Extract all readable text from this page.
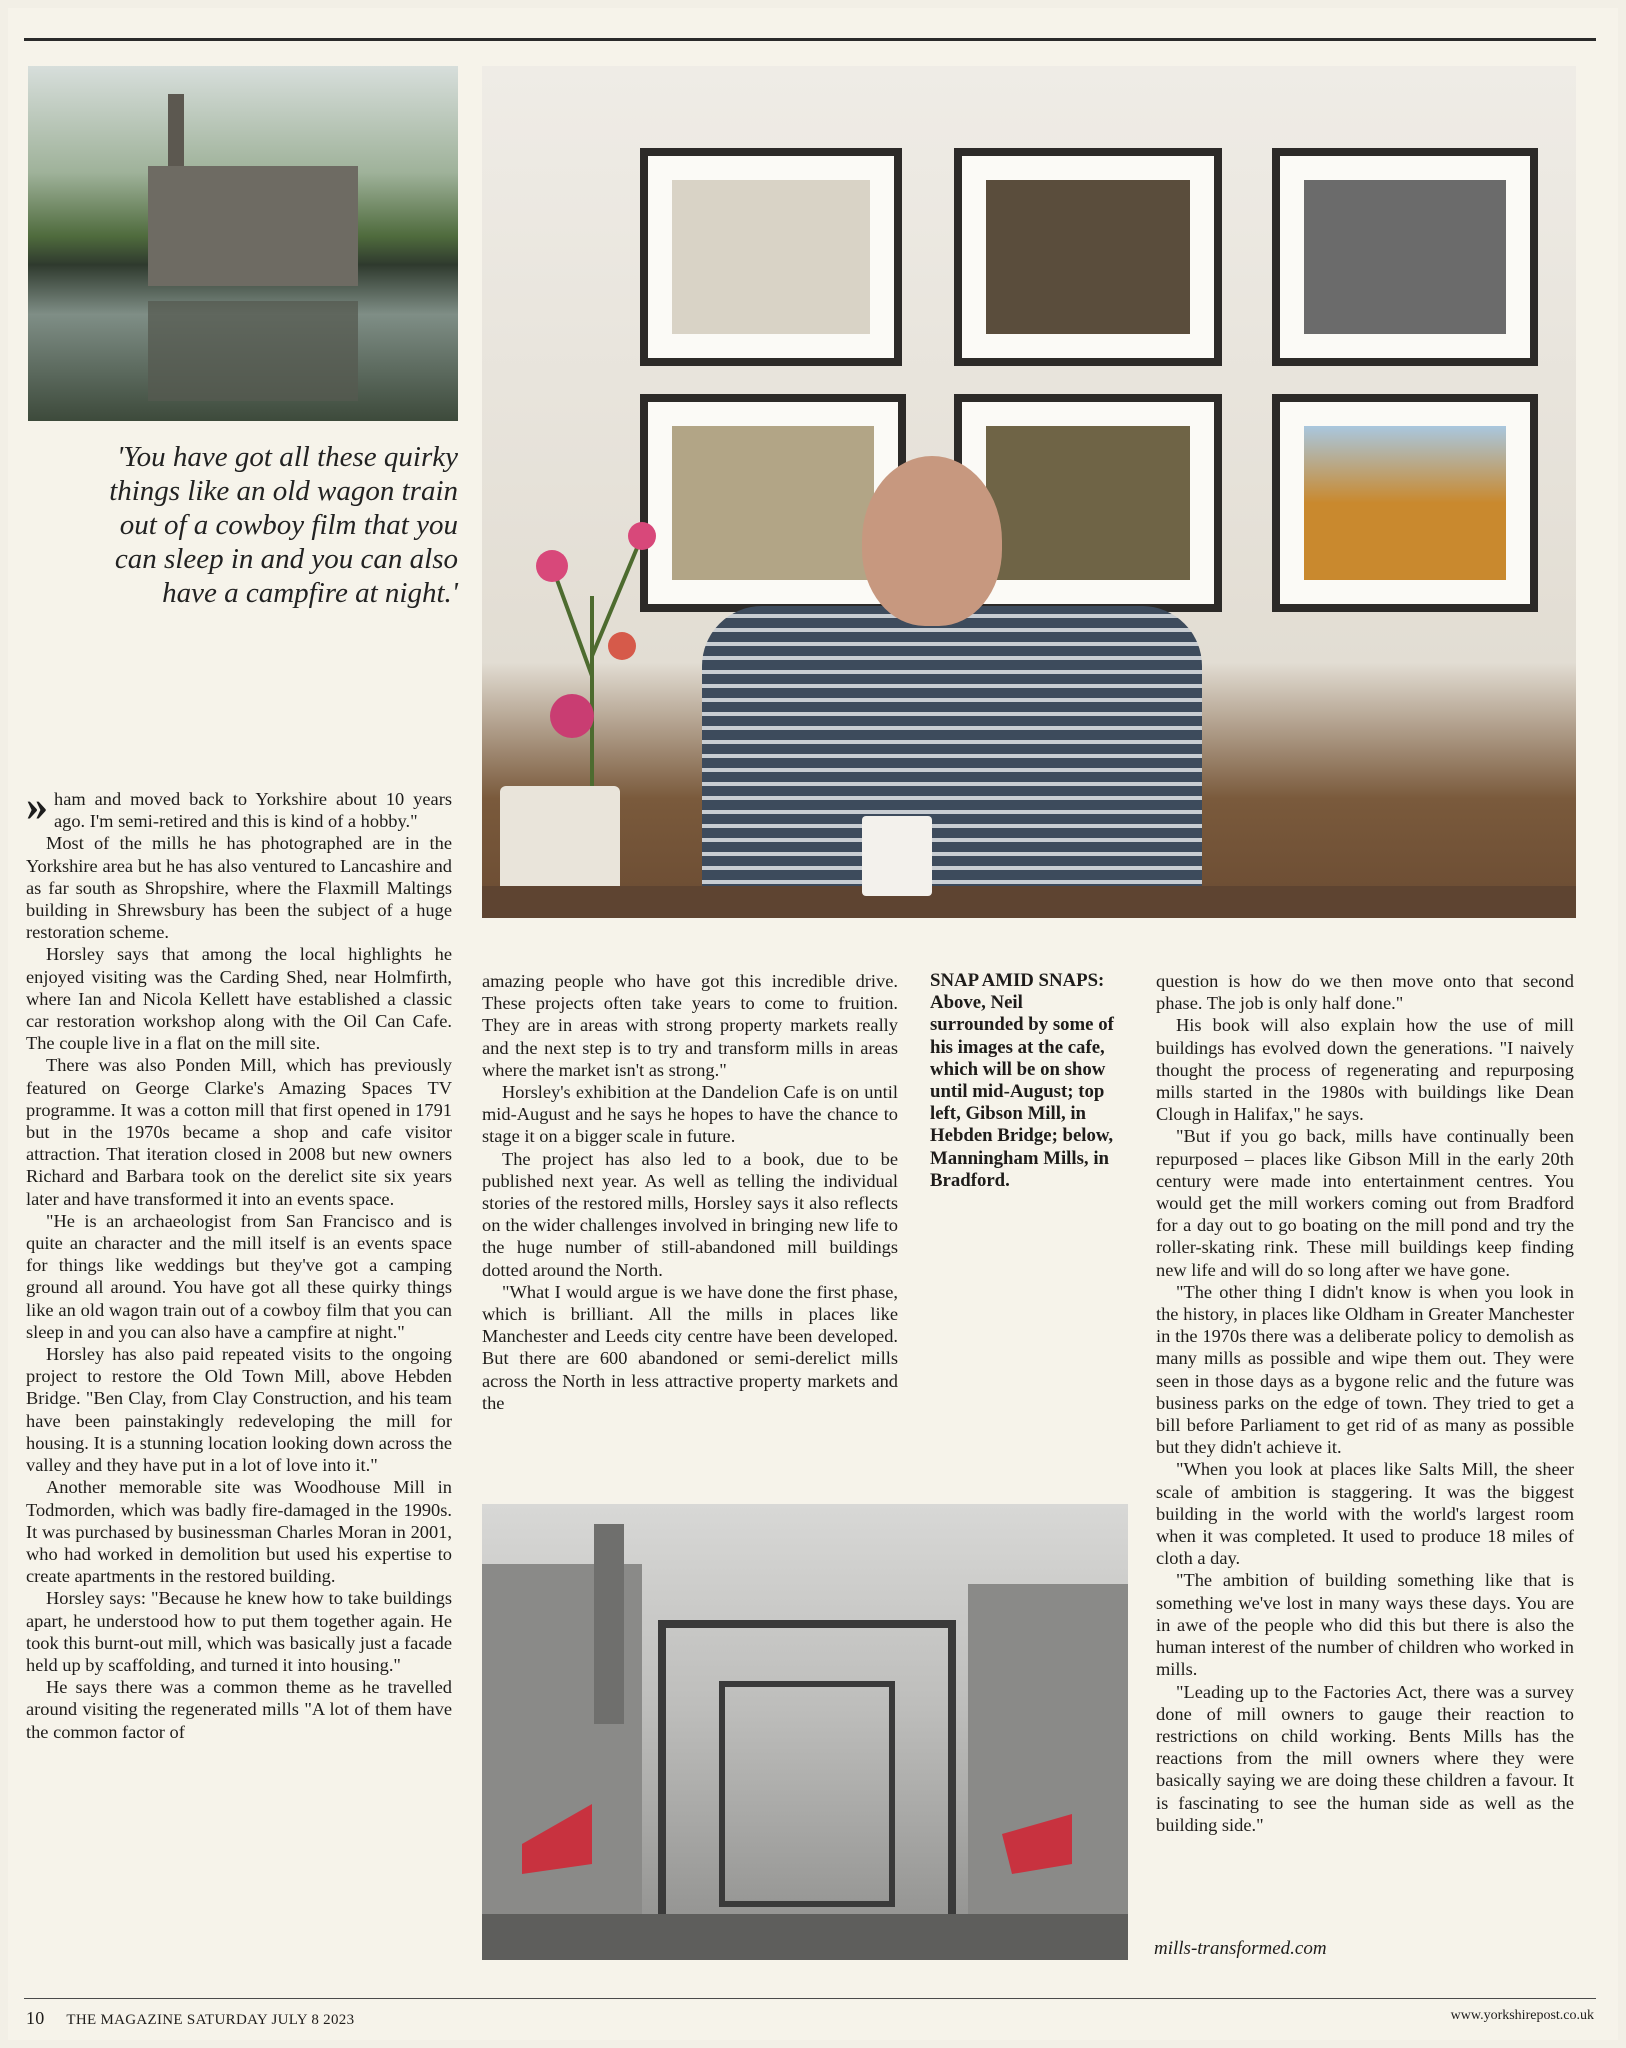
'You have got all these quirky things like an old wagon train out of a cowboy film that you can sleep in and you can also have a campfire at night.'

» ham and moved back to Yorkshire about 10 years ago. I'm semi-retired and this is kind of a hobby."

Most of the mills he has photographed are in the Yorkshire area but he has also ventured to Lancashire and as far south as Shropshire, where the Flaxmill Maltings building in Shrewsbury has been the subject of a huge restoration scheme.

Horsley says that among the local highlights he enjoyed visiting was the Carding Shed, near Holmfirth, where Ian and Nicola Kellett have established a classic car restoration workshop along with the Oil Can Cafe. The couple live in a flat on the mill site.

There was also Ponden Mill, which has previously featured on George Clarke's Amazing Spaces TV programme. It was a cotton mill that first opened in 1791 but in the 1970s became a shop and cafe visitor attraction. That iteration closed in 2008 but new owners Richard and Barbara took on the derelict site six years later and have transformed it into an events space.

"He is an archaeologist from San Francisco and is quite an character and the mill itself is an events space for things like weddings but they've got a camping ground all around. You have got all these quirky things like an old wagon train out of a cowboy film that you can sleep in and you can also have a campfire at night."

Horsley has also paid repeated visits to the ongoing project to restore the Old Town Mill, above Hebden Bridge. "Ben Clay, from Clay Construction, and his team have been painstakingly redeveloping the mill for housing. It is a stunning location looking down across the valley and they have put in a lot of love into it."

Another memorable site was Woodhouse Mill in Todmorden, which was badly fire-damaged in the 1990s. It was purchased by businessman Charles Moran in 2001, who had worked in demolition but used his expertise to create apartments in the restored building.

Horsley says: "Because he knew how to take buildings apart, he understood how to put them together again. He took this burnt-out mill, which was basically just a facade held up by scaffolding, and turned it into housing."

He says there was a common theme as he travelled around visiting the regenerated mills "A lot of them have the common factor of

amazing people who have got this incredible drive. These projects often take years to come to fruition. They are in areas with strong property markets really and the next step is to try and transform mills in areas where the market isn't as strong."

Horsley's exhibition at the Dandelion Cafe is on until mid-August and he says he hopes to have the chance to stage it on a bigger scale in future.

The project has also led to a book, due to be published next year. As well as telling the individual stories of the restored mills, Horsley says it also reflects on the wider challenges involved in bringing new life to the huge number of still-abandoned mill buildings dotted around the North.

"What I would argue is we have done the first phase, which is brilliant. All the mills in places like Manchester and Leeds city centre have been developed. But there are 600 abandoned or semi-derelict mills across the North in less attractive property markets and the

SNAP AMID SNAPS: Above, Neil surrounded by some of his images at the cafe, which will be on show until mid-August; top left, Gibson Mill, in Hebden Bridge; below, Manningham Mills, in Bradford.

question is how do we then move onto that second phase. The job is only half done."

His book will also explain how the use of mill buildings has evolved down the generations. "I naively thought the process of regenerating and repurposing mills started in the 1980s with buildings like Dean Clough in Halifax," he says.

"But if you go back, mills have continually been repurposed – places like Gibson Mill in the early 20th century were made into entertainment centres. You would get the mill workers coming out from Bradford for a day out to go boating on the mill pond and try the roller-skating rink. These mill buildings keep finding new life and will do so long after we have gone.

"The other thing I didn't know is when you look in the history, in places like Oldham in Greater Manchester in the 1970s there was a deliberate policy to demolish as many mills as possible and wipe them out. They were seen in those days as a bygone relic and the future was business parks on the edge of town. They tried to get a bill before Parliament to get rid of as many as possible but they didn't achieve it.

"When you look at places like Salts Mill, the sheer scale of ambition is staggering. It was the biggest building in the world with the world's largest room when it was completed. It used to produce 18 miles of cloth a day.

"The ambition of building something like that is something we've lost in many ways these days. You are in awe of the people who did this but there is also the human interest of the number of children who worked in mills.

"Leading up to the Factories Act, there was a survey done of mill owners to gauge their reaction to restrictions on child working. Bents Mills has the reactions from the mill owners where they were basically saying we are doing these children a favour. It is fascinating to see the human side as well as the building side."

mills-transformed.com
10 THE MAGAZINE SATURDAY JULY 8 2023	www.yorkshirepost.co.uk
